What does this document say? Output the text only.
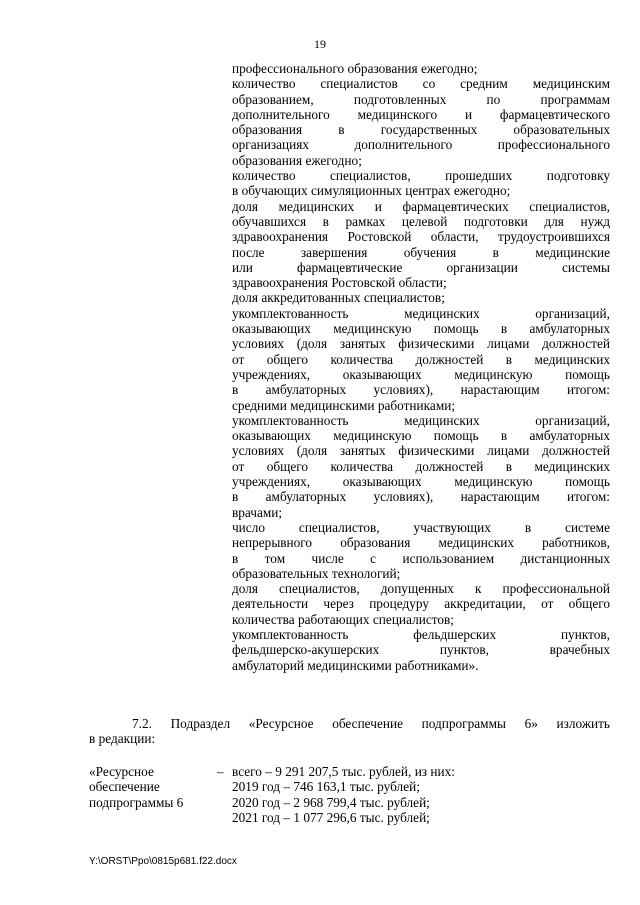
19

профессионального образования ежегодно;

количество специалистов со средним медицинским

образованием, подготовленных по программам

дополнительного медицинского и фармацевтического

образования в государственных образовательных

организациях дополнительного профессионального

образования ежегодно;

количество специалистов, прошедших подготовку

в обучающих симуляционных центрах ежегодно;

доля медицинских и фармацевтических специалистов,

обучавшихся в рамках целевой подготовки для нужд

здравоохранения Ростовской области, трудоустроившихся

после завершения обучения в медицинские

или фармацевтические организации системы

здравоохранения Ростовской области;

доля аккредитованных специалистов;

укомплектованность медицинских организаций,

оказывающих медицинскую помощь в амбулаторных

условиях (доля занятых физическими лицами должностей

от общего количества должностей в медицинских

учреждениях, оказывающих медицинскую помощь

в амбулаторных условиях), нарастающим итогом:

средними медицинскими работниками;

укомплектованность медицинских организаций,

оказывающих медицинскую помощь в амбулаторных

условиях (доля занятых физическими лицами должностей

от общего количества должностей в медицинских

учреждениях, оказывающих медицинскую помощь

в амбулаторных условиях), нарастающим итогом:

врачами;

число специалистов, участвующих в системе

непрерывного образования медицинских работников,

в том числе с использованием дистанционных

образовательных технологий;

доля специалистов, допущенных к профессиональной

деятельности через процедуру аккредитации, от общего

количества работающих специалистов;

укомплектованность фельдшерских пунктов,

фельдшерско-акушерских пунктов, врачебных

амбулаторий медицинскими работниками».

7.2. Подраздел «Ресурсное обеспечение подпрограммы 6» изложить
в редакции:
«Ресурсное
обеспечение
подпрограммы 6
– всего – 9 291 207,5 тыс. рублей, из них:
2019 год – 746 163,1 тыс. рублей;
2020 год – 2 968 799,4 тыс. рублей;
2021 год – 1 077 296,6 тыс. рублей;
Y:\ORST\Ppo\0815p681.f22.docx
